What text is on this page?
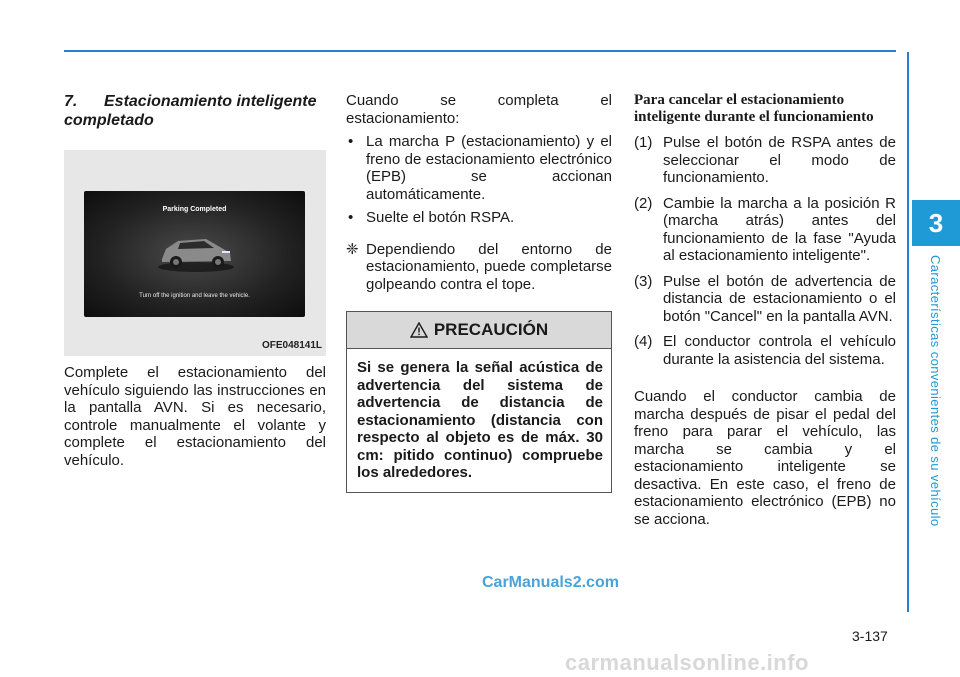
3
Características convenientes de su vehículo

7. Estacionamiento inteligente completado

Parking Completed
Turn off the ignition and leave the vehicle.
OFE048141L

Complete el estacionamiento del vehículo siguiendo las instrucciones en la pantalla AVN. Si es necesario, controle manualmente el volante y complete el estacionamiento del vehículo.

Cuando se completa el estacionamiento:

• La marcha P (estacionamiento) y el freno de estacionamiento electrónico (EPB) se accionan automáticamente.

• Suelte el botón RSPA.

❈ Dependiendo del entorno de estacionamiento, puede completarse golpeando contra el tope.

PRECAUCIÓN
Si se genera la señal acústica de advertencia del sistema de advertencia de distancia de estacionamiento (distancia con respecto al objeto es de máx. 30 cm: pitido continuo) compruebe los alrededores.

Para cancelar el estacionamiento inteligente durante el funcionamiento

(1) Pulse el botón de RSPA antes de seleccionar el modo de funcionamiento.

(2) Cambie la marcha a la posición R (marcha atrás) antes del funcionamiento de la fase "Ayuda al estacionamiento inteligente".

(3) Pulse el botón de advertencia de distancia de estacionamiento o el botón "Cancel" en la pantalla AVN.

(4) El conductor controla el vehículo durante la asistencia del sistema.

Cuando el conductor cambia de marcha después de pisar el pedal del freno para parar el vehículo, las marcha se cambia y el estacionamiento inteligente se desactiva. En este caso, el freno de estacionamiento electrónico (EPB) no se acciona.

CarManuals2.com
3-137
carmanualsonline.info
